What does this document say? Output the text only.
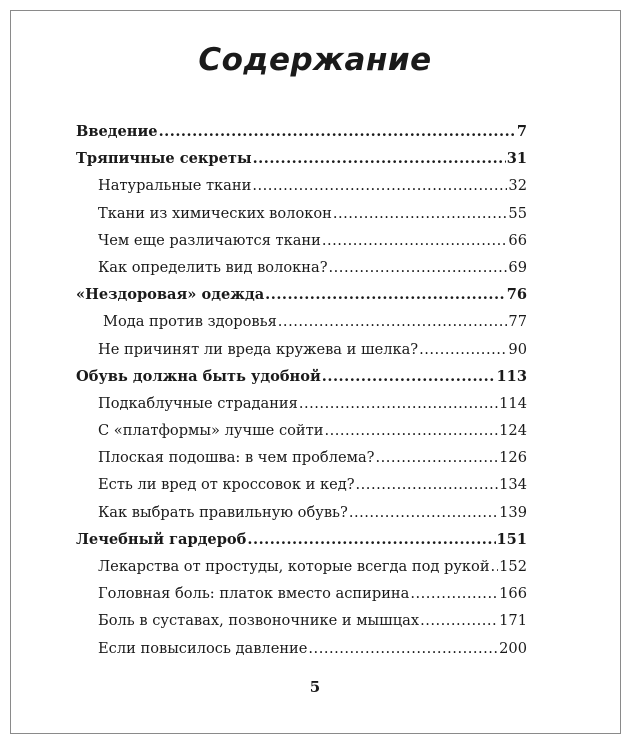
Содержание
Введение .....	7
Тряпичные секреты .....	31
Натуральные ткани .....	32
Ткани из химических волокон .....	55
Чем еще различаются ткани .....	66
Как определить вид волокна? .....	69
«Нездоровая» одежда .....	76
Мода против здоровья .....	77
Не причинят ли вреда кружева и шелка? .....	90
Обувь должна быть удобной .....	113
Подкаблучные страдания .....	114
С «платформы» лучше сойти .....	124
Плоская подошва: в чем проблема? .....	126
Есть ли вред от кроссовок и кед? .....	134
Как выбрать правильную обувь? .....	139
Лечебный гардероб .....	151
Лекарства от простуды, которые всегда под рукой ..... 152
Головная боль: платок вместо аспирина .....	166
Боль в суставах, позвоночнике и мышцах .....	171
Если повысилось давление .....	200
5
